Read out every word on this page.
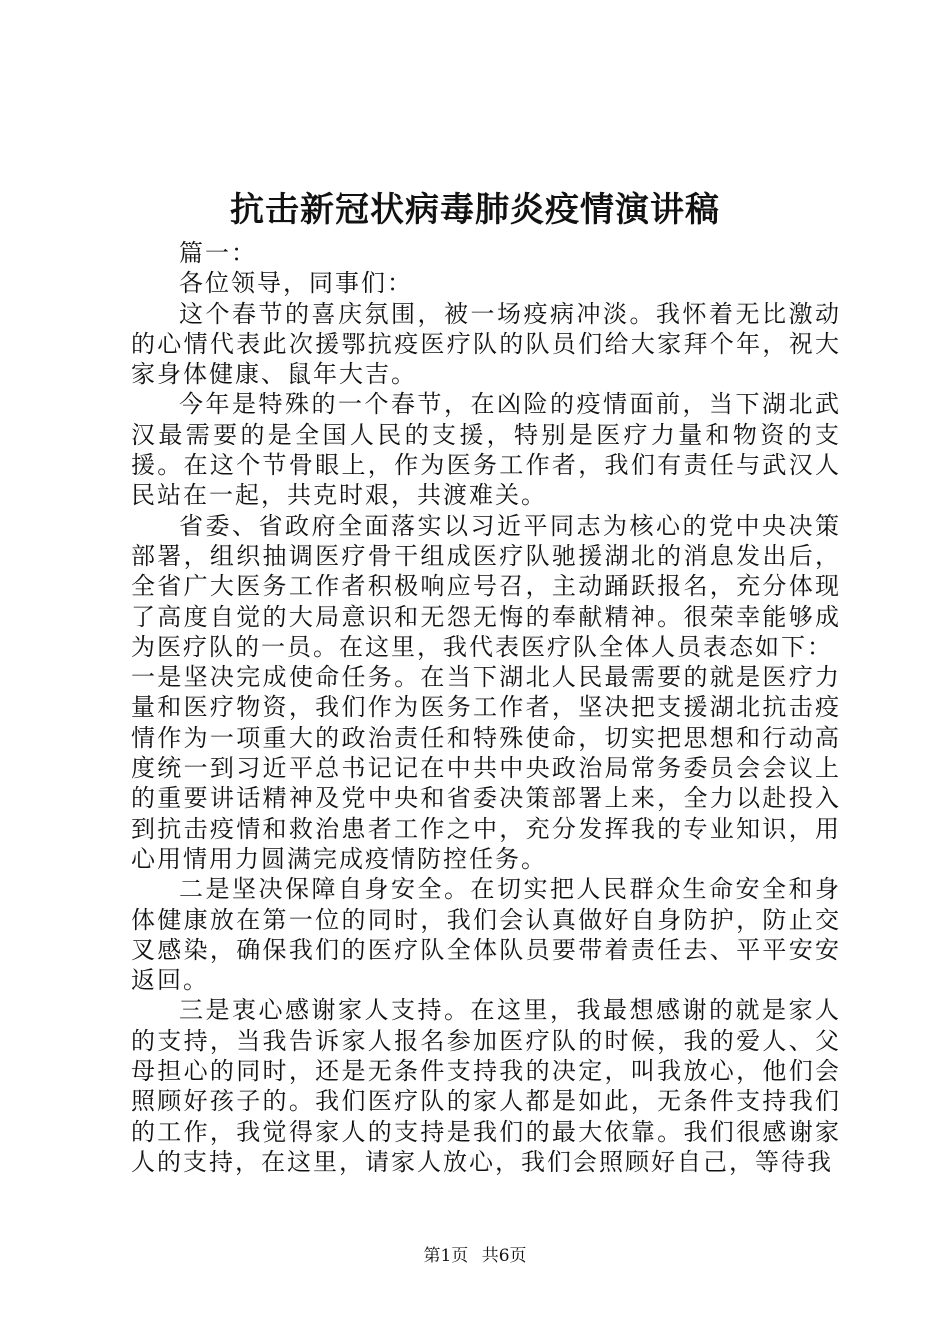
抗击新冠状病毒肺炎疫情演讲稿

篇一：

各位领导，同事们：

这个春节的喜庆氛围，被一场疫病冲淡。我怀着无比激动的心情代表此次援鄂抗疫医疗队的队员们给大家拜个年，祝大家身体健康、鼠年大吉。

今年是特殊的一个春节，在凶险的疫情面前，当下湖北武汉最需要的是全国人民的支援，特别是医疗力量和物资的支援。在这个节骨眼上，作为医务工作者，我们有责任与武汉人民站在一起，共克时艰，共渡难关。

省委、省政府全面落实以习近平同志为核心的党中央决策部署，组织抽调医疗骨干组成医疗队驰援湖北的消息发出后，全省广大医务工作者积极响应号召，主动踊跃报名，充分体现了高度自觉的大局意识和无怨无悔的奉献精神。很荣幸能够成为医疗队的一员。在这里，我代表医疗队全体人员表态如下：

一是坚决完成使命任务。在当下湖北人民最需要的就是医疗力量和医疗物资，我们作为医务工作者，坚决把支援湖北抗击疫情作为一项重大的政治责任和特殊使命，切实把思想和行动高度统一到习近平总书记记在中共中央政治局常务委员会会议上的重要讲话精神及党中央和省委决策部署上来，全力以赴投入到抗击疫情和救治患者工作之中，充分发挥我的专业知识，用心用情用力圆满完成疫情防控任务。

二是坚决保障自身安全。在切实把人民群众生命安全和身体健康放在第一位的同时，我们会认真做好自身防护，防止交叉感染，确保我们的医疗队全体队员要带着责任去、平平安安返回。

三是衷心感谢家人支持。在这里，我最想感谢的就是家人的支持，当我告诉家人报名参加医疗队的时候，我的爱人、父母担心的同时，还是无条件支持我的决定，叫我放心，他们会照顾好孩子的。我们医疗队的家人都是如此，无条件支持我们的工作，我觉得家人的支持是我们的最大依靠。我们很感谢家人的支持，在这里，请家人放心，我们会照顾好自己，等待我

第1页 共6页
